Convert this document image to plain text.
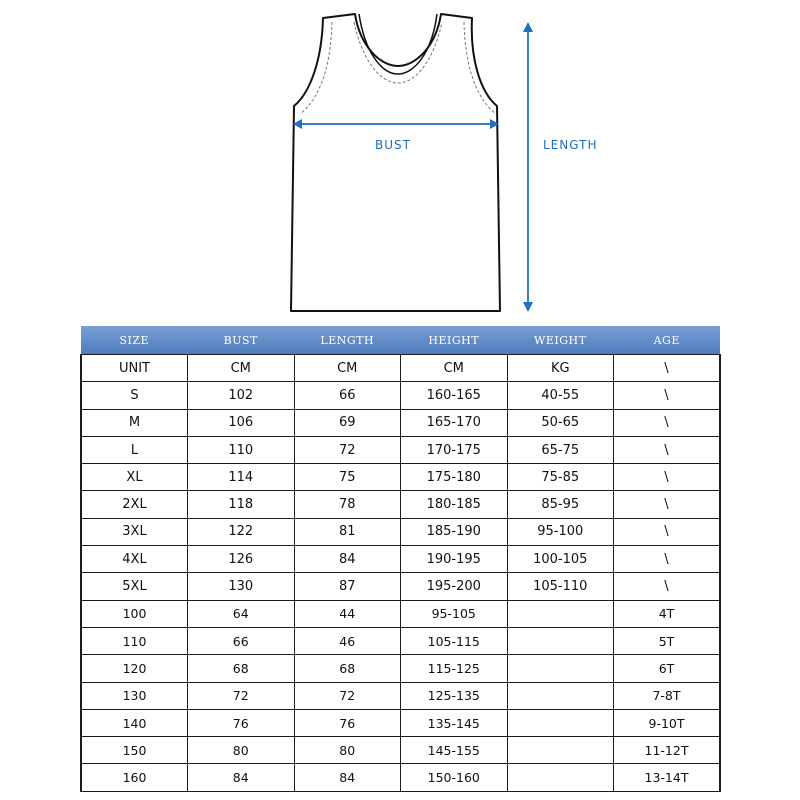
BUST	LENGTH
SIZE	BUST	LENGTH	HEIGHT	WEIGHT	AGE
UNIT	CM	CM	CM	KG	\
S	102	66	160-165	40-55	\
M	106	69	165-170	50-65	\
L	110	72	170-175	65-75	\
XL	114	75	175-180	75-85	\
2XL	118	78	180-185	85-95	\
3XL	122	81	185-190	95-100	\
4XL	126	84	190-195	100-105	\
5XL	130	87	195-200	105-110	\
100	64	44	95-105		4T
110	66	46	105-115		5T
120	68	68	115-125		6T
130	72	72	125-135		7-8T
140	76	76	135-145		9-10T
150	80	80	145-155		11-12T
160	84	84	150-160		13-14T
